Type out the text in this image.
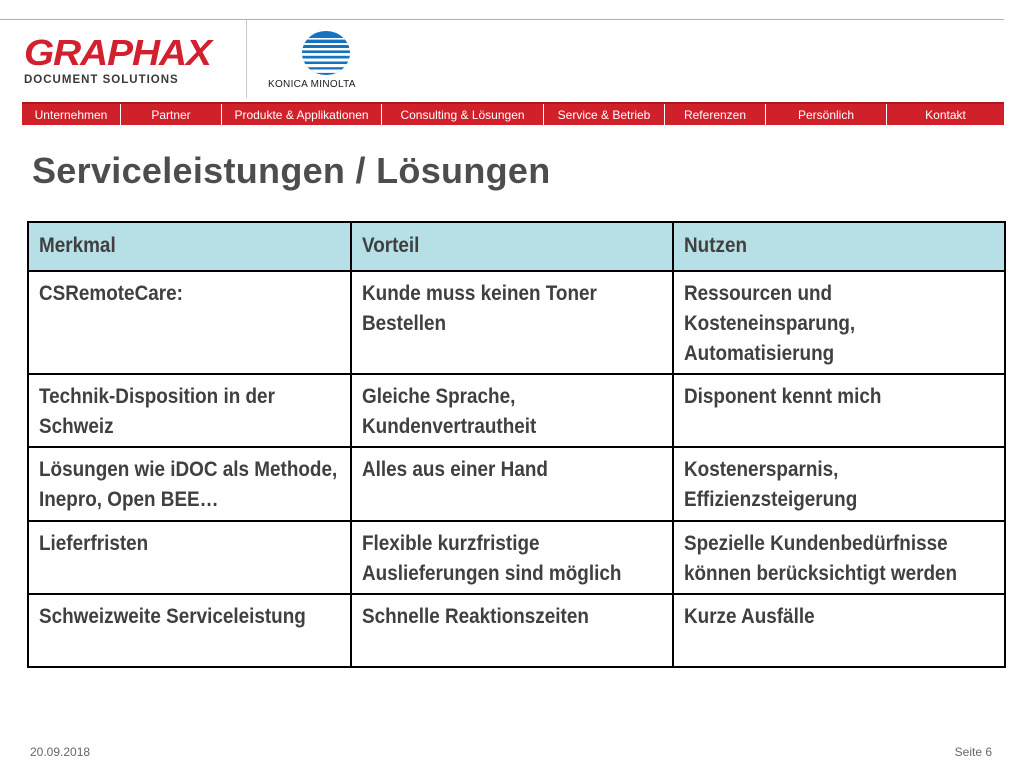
GRAPHAX
DOCUMENT SOLUTIONS	KONICA MINOLTA
Unternehmen	Partner	Produkte & Applikationen	Consulting & Lösungen	Service & Betrieb	Referenzen	Persönlich	Kontakt
Serviceleistungen / Lösungen
Merkmal	Vorteil	Nutzen
CSRemoteCare:	Kunde muss keinen Toner Bestellen	Ressourcen und Kosteneinsparung, Automatisierung
Technik-Disposition in der Schweiz	Gleiche Sprache, Kundenvertrautheit	Disponent kennt mich
Lösungen wie iDOC als Methode, Inepro, Open BEE…	Alles aus einer Hand	Kostenersparnis, Effizienzsteigerung
Lieferfristen	Flexible kurzfristige Auslieferungen sind möglich	Spezielle Kundenbedürfnisse können berücksichtigt werden
Schweizweite Serviceleistung	Schnelle Reaktionszeiten	Kurze Ausfälle
20.09.2018	Seite 6
